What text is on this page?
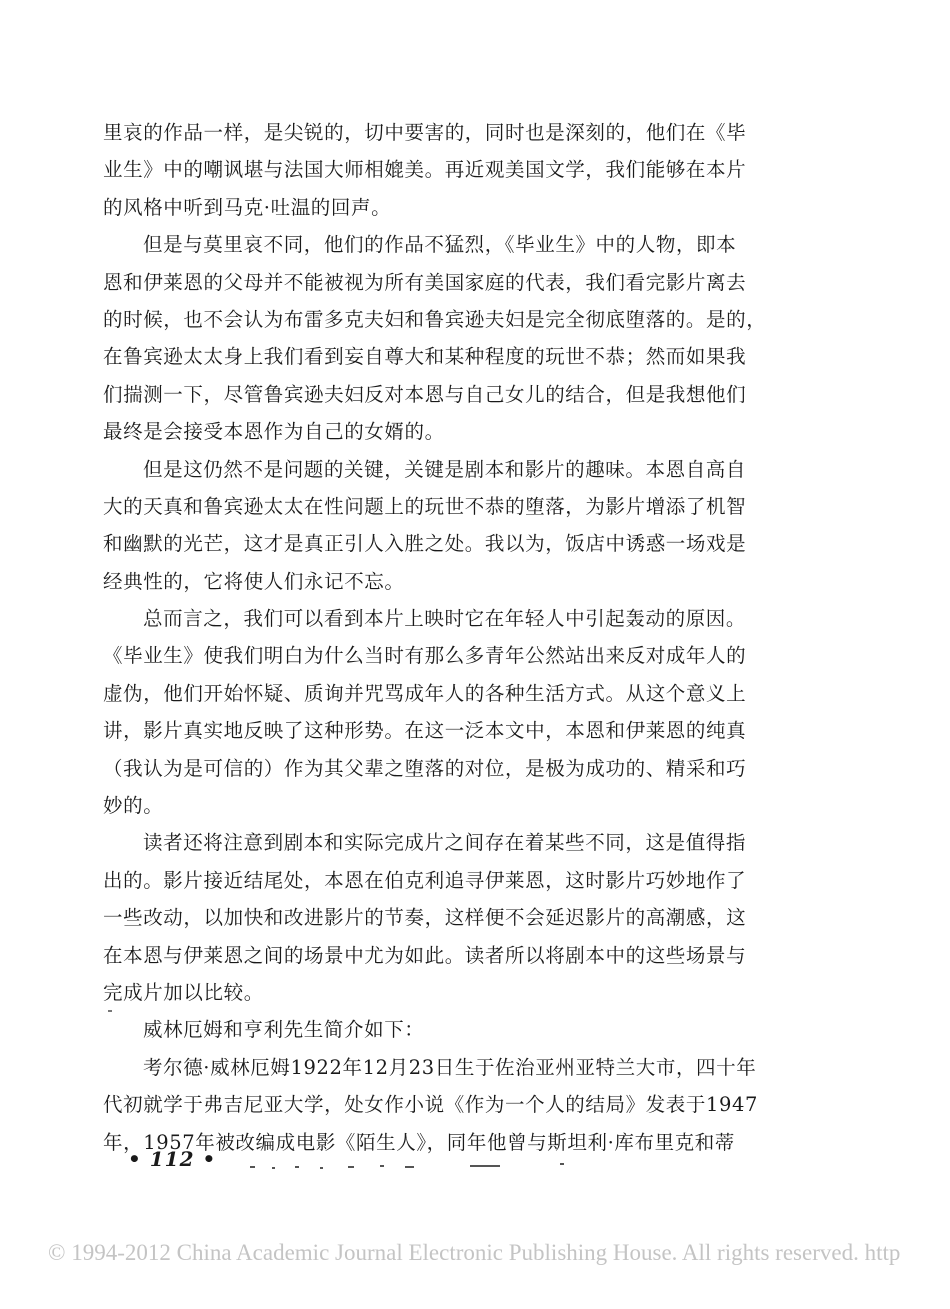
里哀的作品一样，是尖锐的，切中要害的，同时也是深刻的，他们在《毕
业生》中的嘲讽堪与法国大师相媲美。再近观美国文学，我们能够在本片
的风格中听到马克·吐温的回声。
但是与莫里哀不同，他们的作品不猛烈，《毕业生》中的人物，即本
恩和伊莱恩的父母并不能被视为所有美国家庭的代表，我们看完影片离去
的时候，也不会认为布雷多克夫妇和鲁宾逊夫妇是完全彻底堕落的。是的，
在鲁宾逊太太身上我们看到妄自尊大和某种程度的玩世不恭；然而如果我
们揣测一下，尽管鲁宾逊夫妇反对本恩与自己女儿的结合，但是我想他们
最终是会接受本恩作为自己的女婿的。
但是这仍然不是问题的关键，关键是剧本和影片的趣味。本恩自高自
大的天真和鲁宾逊太太在性问题上的玩世不恭的堕落，为影片增添了机智
和幽默的光芒，这才是真正引人入胜之处。我以为，饭店中诱惑一场戏是
经典性的，它将使人们永记不忘。
总而言之，我们可以看到本片上映时它在年轻人中引起轰动的原因。
《毕业生》使我们明白为什么当时有那么多青年公然站出来反对成年人的
虚伪，他们开始怀疑、质询并咒骂成年人的各种生活方式。从这个意义上
讲，影片真实地反映了这种形势。在这一泛本文中，本恩和伊莱恩的纯真
（我认为是可信的）作为其父辈之堕落的对位，是极为成功的、精采和巧
妙的。
读者还将注意到剧本和实际完成片之间存在着某些不同，这是值得指
出的。影片接近结尾处，本恩在伯克利追寻伊莱恩，这时影片巧妙地作了
一些改动，以加快和改进影片的节奏，这样便不会延迟影片的高潮感，这
在本恩与伊莱恩之间的场景中尤为如此。读者所以将剧本中的这些场景与
完成片加以比较。
威林厄姆和亨利先生简介如下：
考尔德·威林厄姆1922年12月23日生于佐治亚州亚特兰大市，四十年
代初就学于弗吉尼亚大学，处女作小说《作为一个人的结局》发表于1947
年，1957年被改编成电影《陌生人》，同年他曾与斯坦利·库布里克和蒂
• 112 •
© 1994-2012 China Academic Journal Electronic Publishing House. All rights reserved. http
